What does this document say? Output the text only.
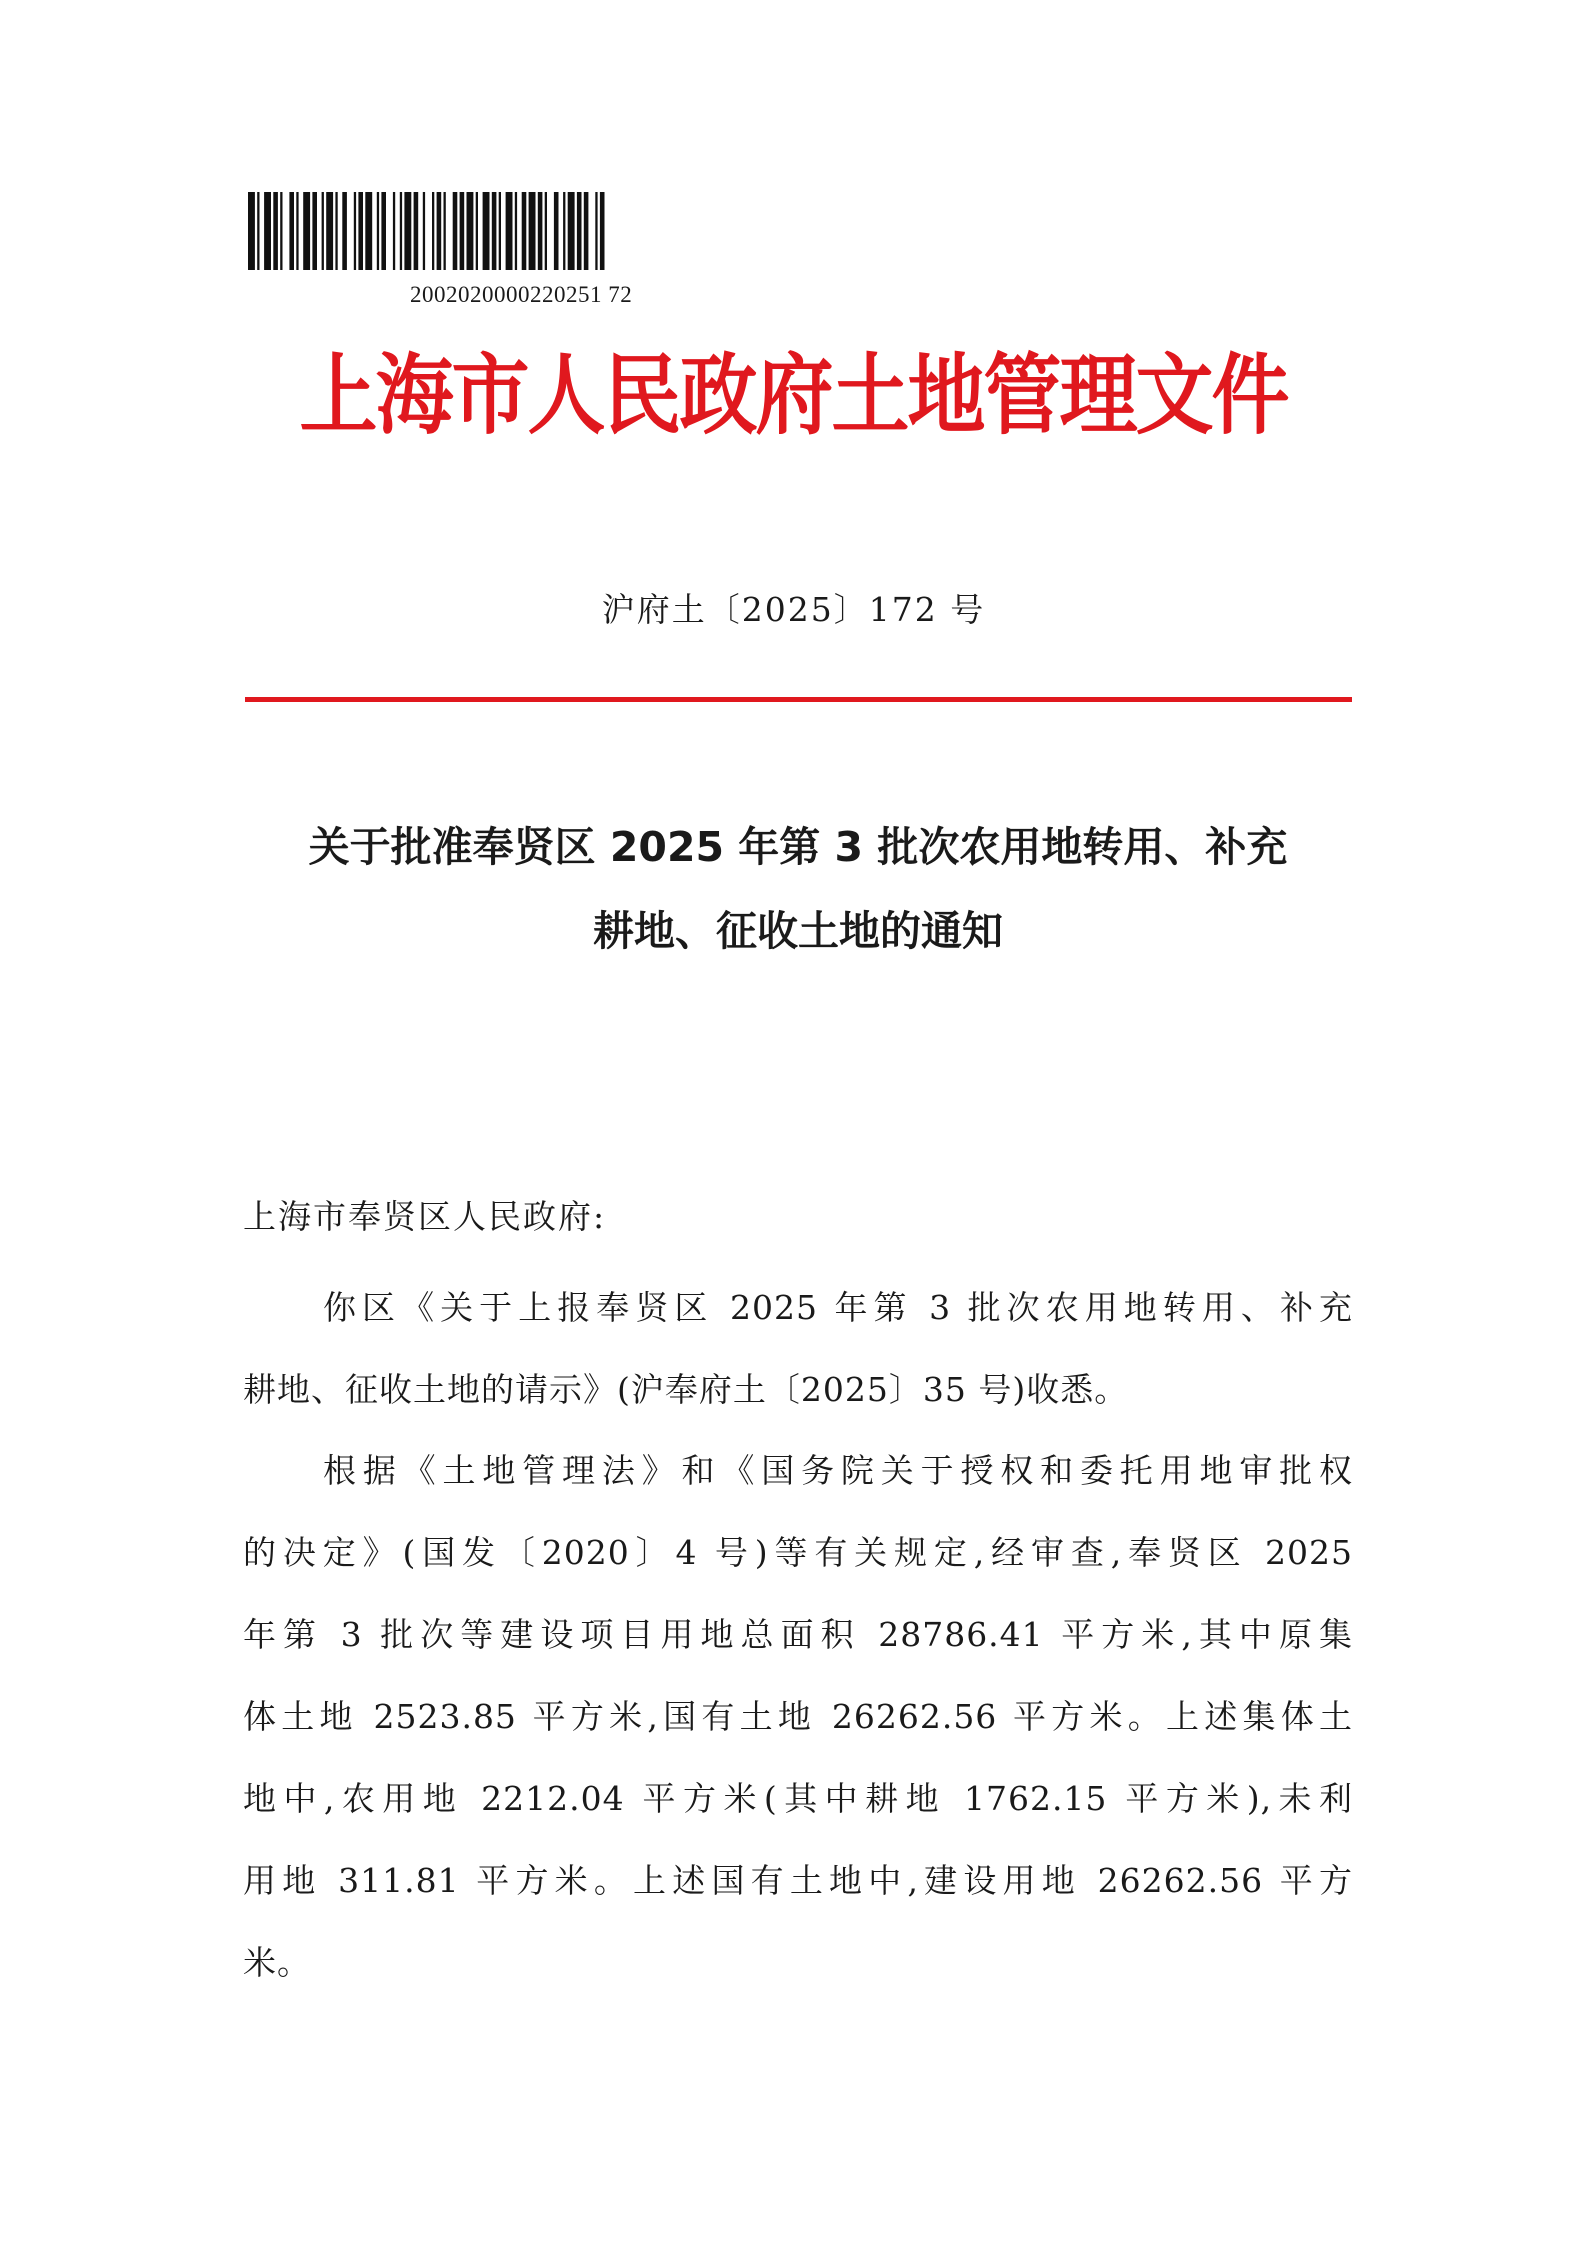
2002020000220251 72
上海市人民政府土地管理文件
沪府土〔2025〕172 号
关于批准奉贤区 2025 年第 3 批次农用地转用、补充
耕地、征收土地的通知
上海市奉贤区人民政府:
你区《关于上报奉贤区 2025 年第 3 批次农用地转用、补充
耕地、征收土地的请示》(沪奉府土〔2025〕35 号)收悉。
根据《土地管理法》和《国务院关于授权和委托用地审批权
的决定》(国发〔2020〕4 号)等有关规定,经审查,奉贤区 2025
年第 3 批次等建设项目用地总面积 28786.41 平方米,其中原集
体土地 2523.85 平方米,国有土地 26262.56 平方米。上述集体土
地中,农用地 2212.04 平方米(其中耕地 1762.15 平方米),未利
用地 311.81 平方米。上述国有土地中,建设用地 26262.56 平方
米。
